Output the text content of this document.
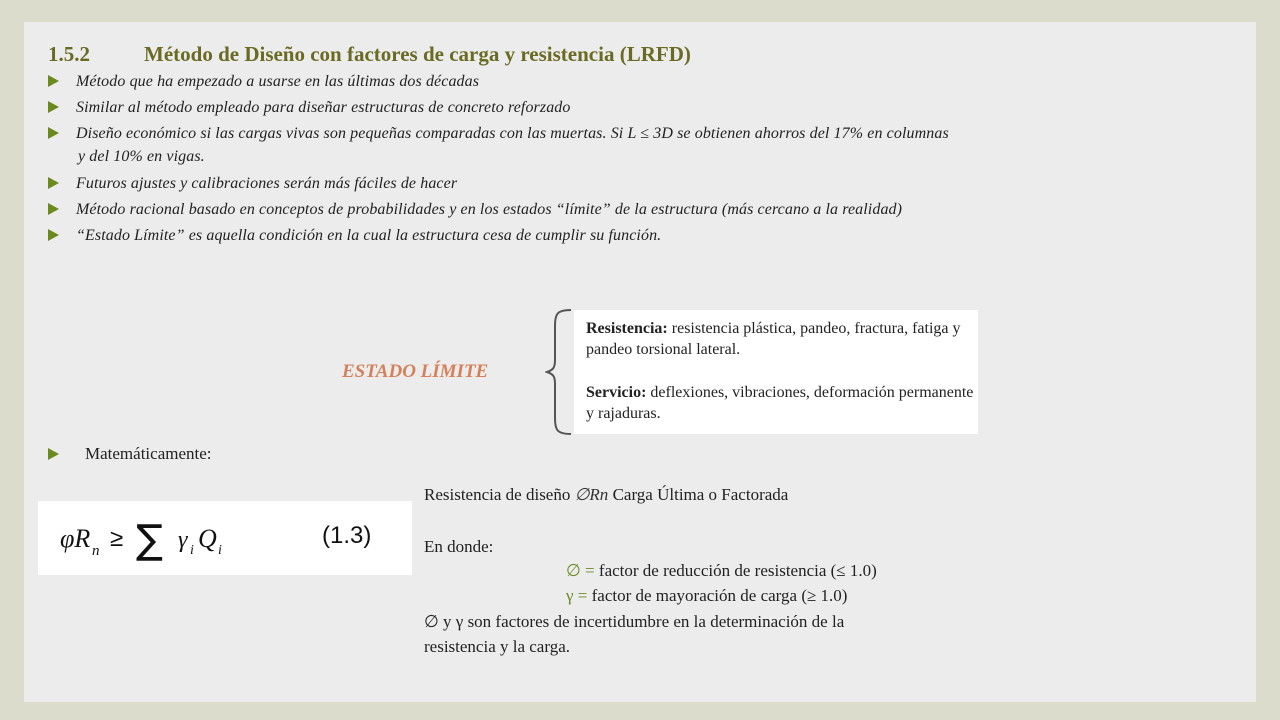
1.5.2	Método de Diseño con factores de carga y resistencia (LRFD)
Método que ha empezado a usarse en las últimas dos décadas
Similar al método empleado para diseñar estructuras de concreto reforzado
Diseño económico si las cargas vivas son pequeñas comparadas con las muertas. Si L ≤ 3D se obtienen ahorros del 17% en columnas
y del 10% en vigas.
Futuros ajustes y calibraciones serán más fáciles de hacer
Método racional basado en conceptos de probabilidades y en los estados “límite” de la estructura (más cercano a la realidad)
“Estado Límite” es aquella condición en la cual la estructura cesa de cumplir su función.
ESTADO LÍMITE

Resistencia: resistencia plástica, pandeo, fractura, fatiga y pandeo torsional lateral.

Servicio: deflexiones, vibraciones, deformación permanente y rajaduras.

Matemáticamente:
φR n ≥ ∑ γ i Q i
(1.3)
Resistencia de diseño ∅Rn Carga Última o Factorada
En donde:
∅ = factor de reducción de resistencia (≤ 1.0)
γ = factor de mayoración de carga (≥ 1.0)
∅ y γ son factores de incertidumbre en la determinación de la
resistencia y la carga.
